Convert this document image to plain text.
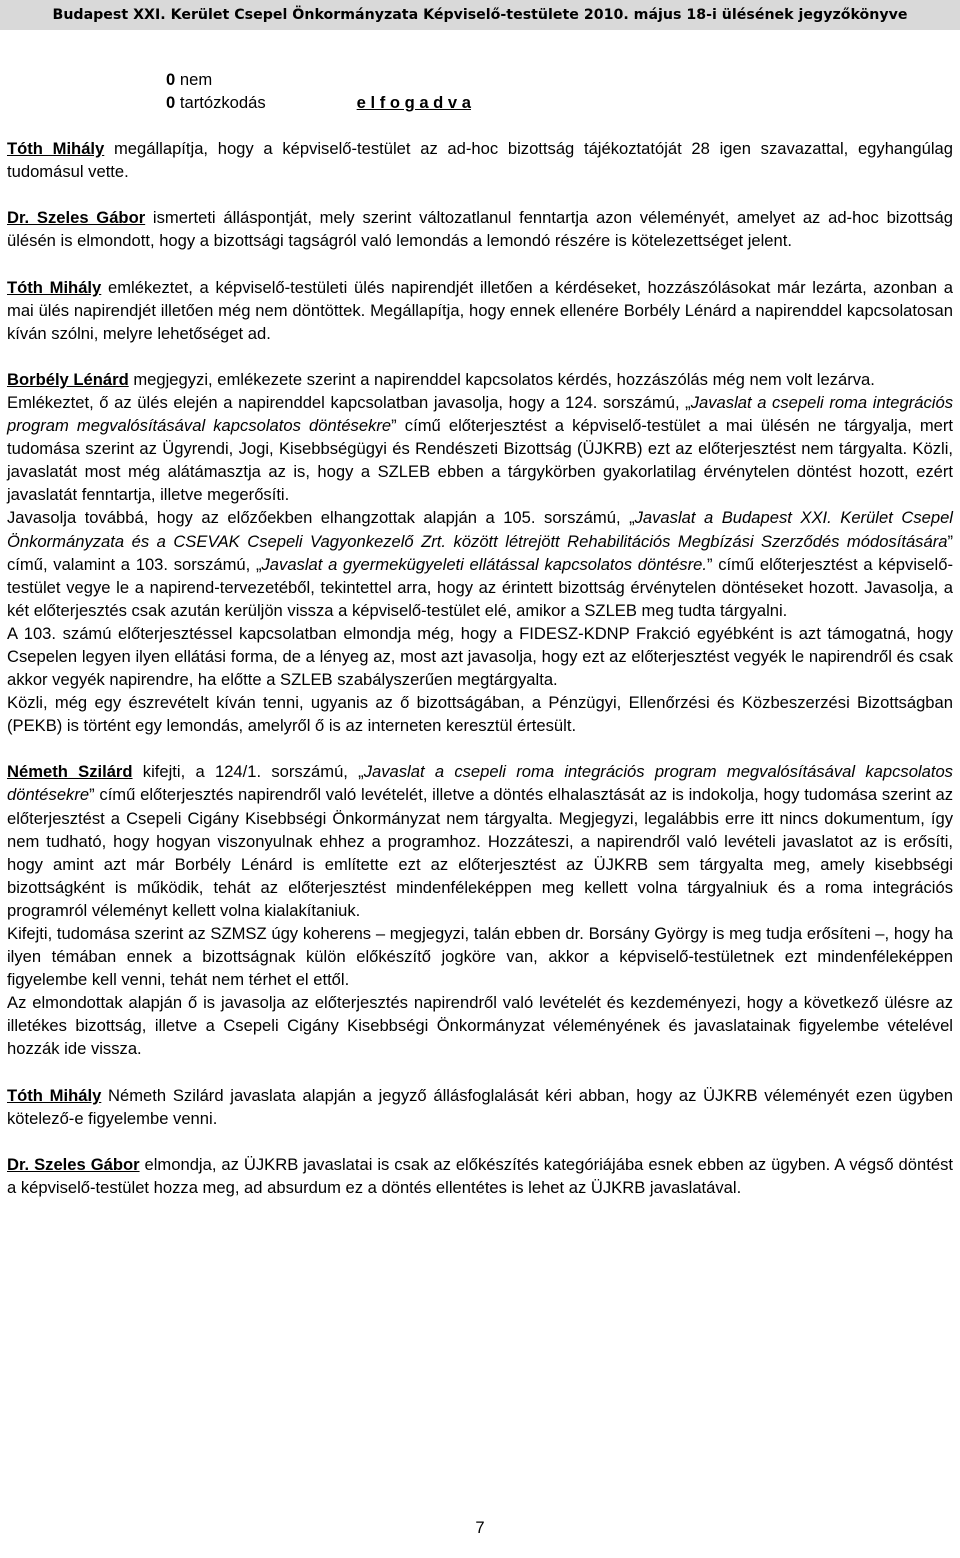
Budapest XXI. Kerület Csepel Önkormányzata Képviselő-testülete 2010. május 18-i ülésének jegyzőkönyve
0 nem
0 tartózkodás	e l f o g a d v a

Tóth Mihály megállapítja, hogy a képviselő-testület az ad-hoc bizottság tájékoztatóját 28 igen szavazattal, egyhangúlag tudomásul vette.

Dr. Szeles Gábor ismerteti álláspontját, mely szerint változatlanul fenntartja azon véleményét, amelyet az ad-hoc bizottság ülésén is elmondott, hogy a bizottsági tagságról való lemondás a lemondó részére is kötelezettséget jelent.

Tóth Mihály emlékeztet, a képviselő-testületi ülés napirendjét illetően a kérdéseket, hozzászólásokat már lezárta, azonban a mai ülés napirendjét illetően még nem döntöttek. Megállapítja, hogy ennek ellenére Borbély Lénárd a napirenddel kapcsolatosan kíván szólni, melyre lehetőséget ad.

Borbély Lénárd megjegyzi, emlékezete szerint a napirenddel kapcsolatos kérdés, hozzászólás még nem volt lezárva.

Emlékeztet, ő az ülés elején a napirenddel kapcsolatban javasolja, hogy a 124. sorszámú, „Javaslat a csepeli roma integrációs program megvalósításával kapcsolatos döntésekre” című előterjesztést a képviselő-testület a mai ülésén ne tárgyalja, mert tudomása szerint az Ügyrendi, Jogi, Kisebbségügyi és Rendészeti Bizottság (ÜJKRB) ezt az előterjesztést nem tárgyalta. Közli, javaslatát most még alátámasztja az is, hogy a SZLEB ebben a tárgykörben gyakorlatilag érvénytelen döntést hozott, ezért javaslatát fenntartja, illetve megerősíti.

Javasolja továbbá, hogy az előzőekben elhangzottak alapján a 105. sorszámú, „Javaslat a Budapest XXI. Kerület Csepel Önkormányzata és a CSEVAK Csepeli Vagyonkezelő Zrt. között létrejött Rehabilitációs Megbízási Szerződés módosítására” című, valamint a 103. sorszámú, „Javaslat a gyermekügyeleti ellátással kapcsolatos döntésre.” című előterjesztést a képviselő-testület vegye le a napirend-tervezetéből, tekintettel arra, hogy az érintett bizottság érvénytelen döntéseket hozott. Javasolja, a két előterjesztés csak azután kerüljön vissza a képviselő-testület elé, amikor a SZLEB meg tudta tárgyalni.

A 103. számú előterjesztéssel kapcsolatban elmondja még, hogy a FIDESZ-KDNP Frakció egyébként is azt támogatná, hogy Csepelen legyen ilyen ellátási forma, de a lényeg az, most azt javasolja, hogy ezt az előterjesztést vegyék le napirendről és csak akkor vegyék napirendre, ha előtte a SZLEB szabályszerűen megtárgyalta.

Közli, még egy észrevételt kíván tenni, ugyanis az ő bizottságában, a Pénzügyi, Ellenőrzési és Közbeszerzési Bizottságban (PEKB) is történt egy lemondás, amelyről ő is az interneten keresztül értesült.

Németh Szilárd kifejti, a 124/1. sorszámú, „Javaslat a csepeli roma integrációs program megvalósításával kapcsolatos döntésekre” című előterjesztés napirendről való levételét, illetve a döntés elhalasztását az is indokolja, hogy tudomása szerint az előterjesztést a Csepeli Cigány Kisebbségi Önkormányzat nem tárgyalta. Megjegyzi, legalábbis erre itt nincs dokumentum, így nem tudható, hogy hogyan viszonyulnak ehhez a programhoz. Hozzáteszi, a napirendről való levételi javaslatot az is erősíti, hogy amint azt már Borbély Lénárd is említette ezt az előterjesztést az ÜJKRB sem tárgyalta meg, amely kisebbségi bizottságként is működik, tehát az előterjesztést mindenféleképpen meg kellett volna tárgyalniuk és a roma integrációs programról véleményt kellett volna kialakítaniuk.

Kifejti, tudomása szerint az SZMSZ úgy koherens – megjegyzi, talán ebben dr. Borsány György is meg tudja erősíteni –, hogy ha ilyen témában ennek a bizottságnak külön előkészítő jogköre van, akkor a képviselő-testületnek ezt mindenféleképpen figyelembe kell venni, tehát nem térhet el ettől.

Az elmondottak alapján ő is javasolja az előterjesztés napirendről való levételét és kezdeményezi, hogy a következő ülésre az illetékes bizottság, illetve a Csepeli Cigány Kisebbségi Önkormányzat véleményének és javaslatainak figyelembe vételével hozzák ide vissza.

Tóth Mihály Németh Szilárd javaslata alapján a jegyző állásfoglalását kéri abban, hogy az ÜJKRB véleményét ezen ügyben kötelező-e figyelembe venni.

Dr. Szeles Gábor elmondja, az ÜJKRB javaslatai is csak az előkészítés kategóriájába esnek ebben az ügyben. A végső döntést a képviselő-testület hozza meg, ad absurdum ez a döntés ellentétes is lehet az ÜJKRB javaslatával.

7
